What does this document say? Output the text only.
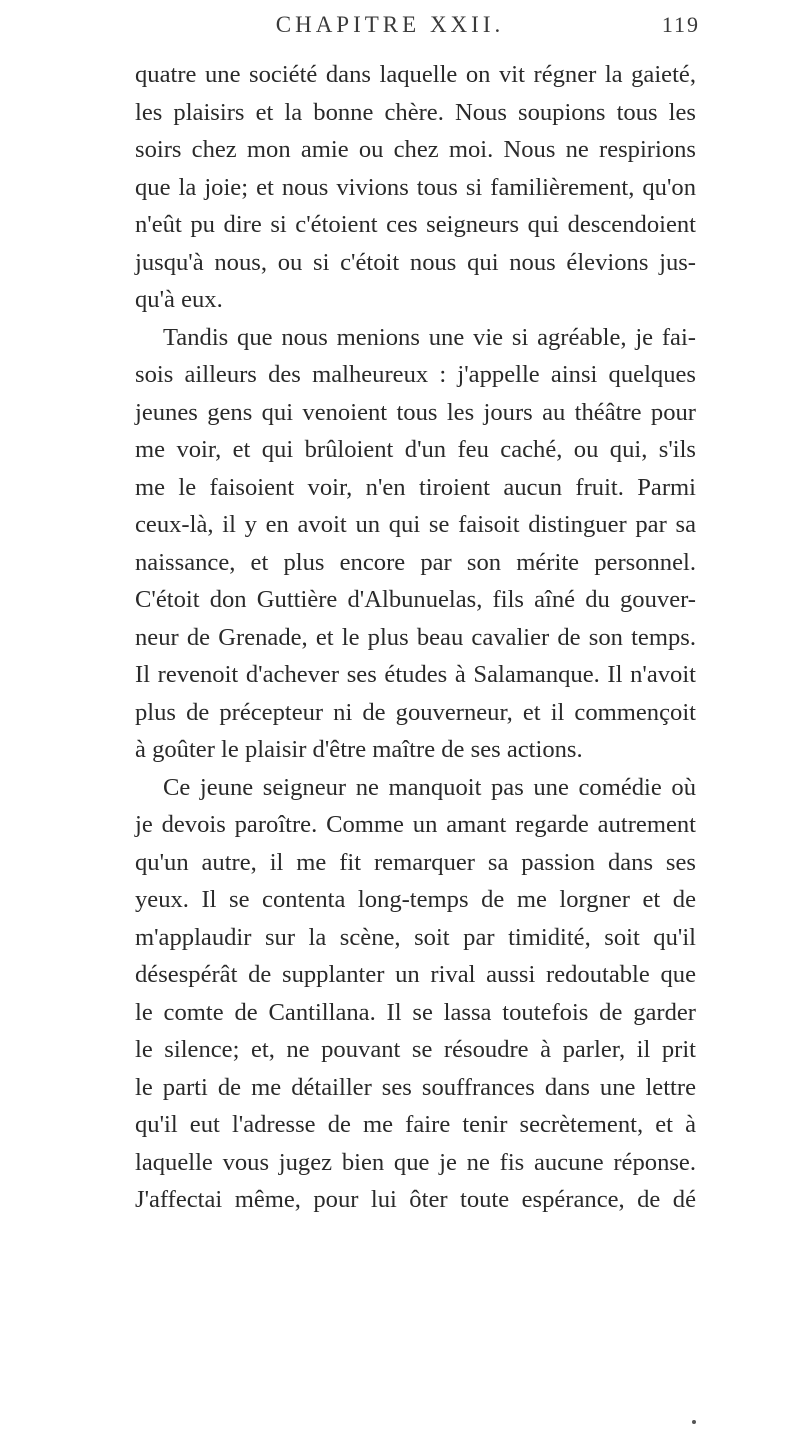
CHAPITRE XXII.	119
quatre une société dans laquelle on vit régner la gaieté,
les plaisirs et la bonne chère. Nous soupions tous les
soirs chez mon amie ou chez moi. Nous ne respirions
que la joie; et nous vivions tous si familièrement, qu'on
n'eût pu dire si c'étoient ces seigneurs qui descendoient
jusqu'à nous, ou si c'étoit nous qui nous élevions jus-
qu'à eux.
Tandis que nous menions une vie si agréable, je fai-
sois ailleurs des malheureux : j'appelle ainsi quelques
jeunes gens qui venoient tous les jours au théâtre pour
me voir, et qui brûloient d'un feu caché, ou qui, s'ils
me le faisoient voir, n'en tiroient aucun fruit. Parmi
ceux-là, il y en avoit un qui se faisoit distinguer par sa
naissance, et plus encore par son mérite personnel.
C'étoit don Guttière d'Albunuelas, fils aîné du gouver-
neur de Grenade, et le plus beau cavalier de son temps.
Il revenoit d'achever ses études à Salamanque. Il n'avoit
plus de précepteur ni de gouverneur, et il commençoit
à goûter le plaisir d'être maître de ses actions.
Ce jeune seigneur ne manquoit pas une comédie où
je devois paroître. Comme un amant regarde autrement
qu'un autre, il me fit remarquer sa passion dans ses
yeux. Il se contenta long-temps de me lorgner et de
m'applaudir sur la scène, soit par timidité, soit qu'il
désespérât de supplanter un rival aussi redoutable que
le comte de Cantillana. Il se lassa toutefois de garder
le silence; et, ne pouvant se résoudre à parler, il prit
le parti de me détailler ses souffrances dans une lettre
qu'il eut l'adresse de me faire tenir secrètement, et à
laquelle vous jugez bien que je ne fis aucune réponse.
J'affectai même, pour lui ôter toute espérance, de dé
